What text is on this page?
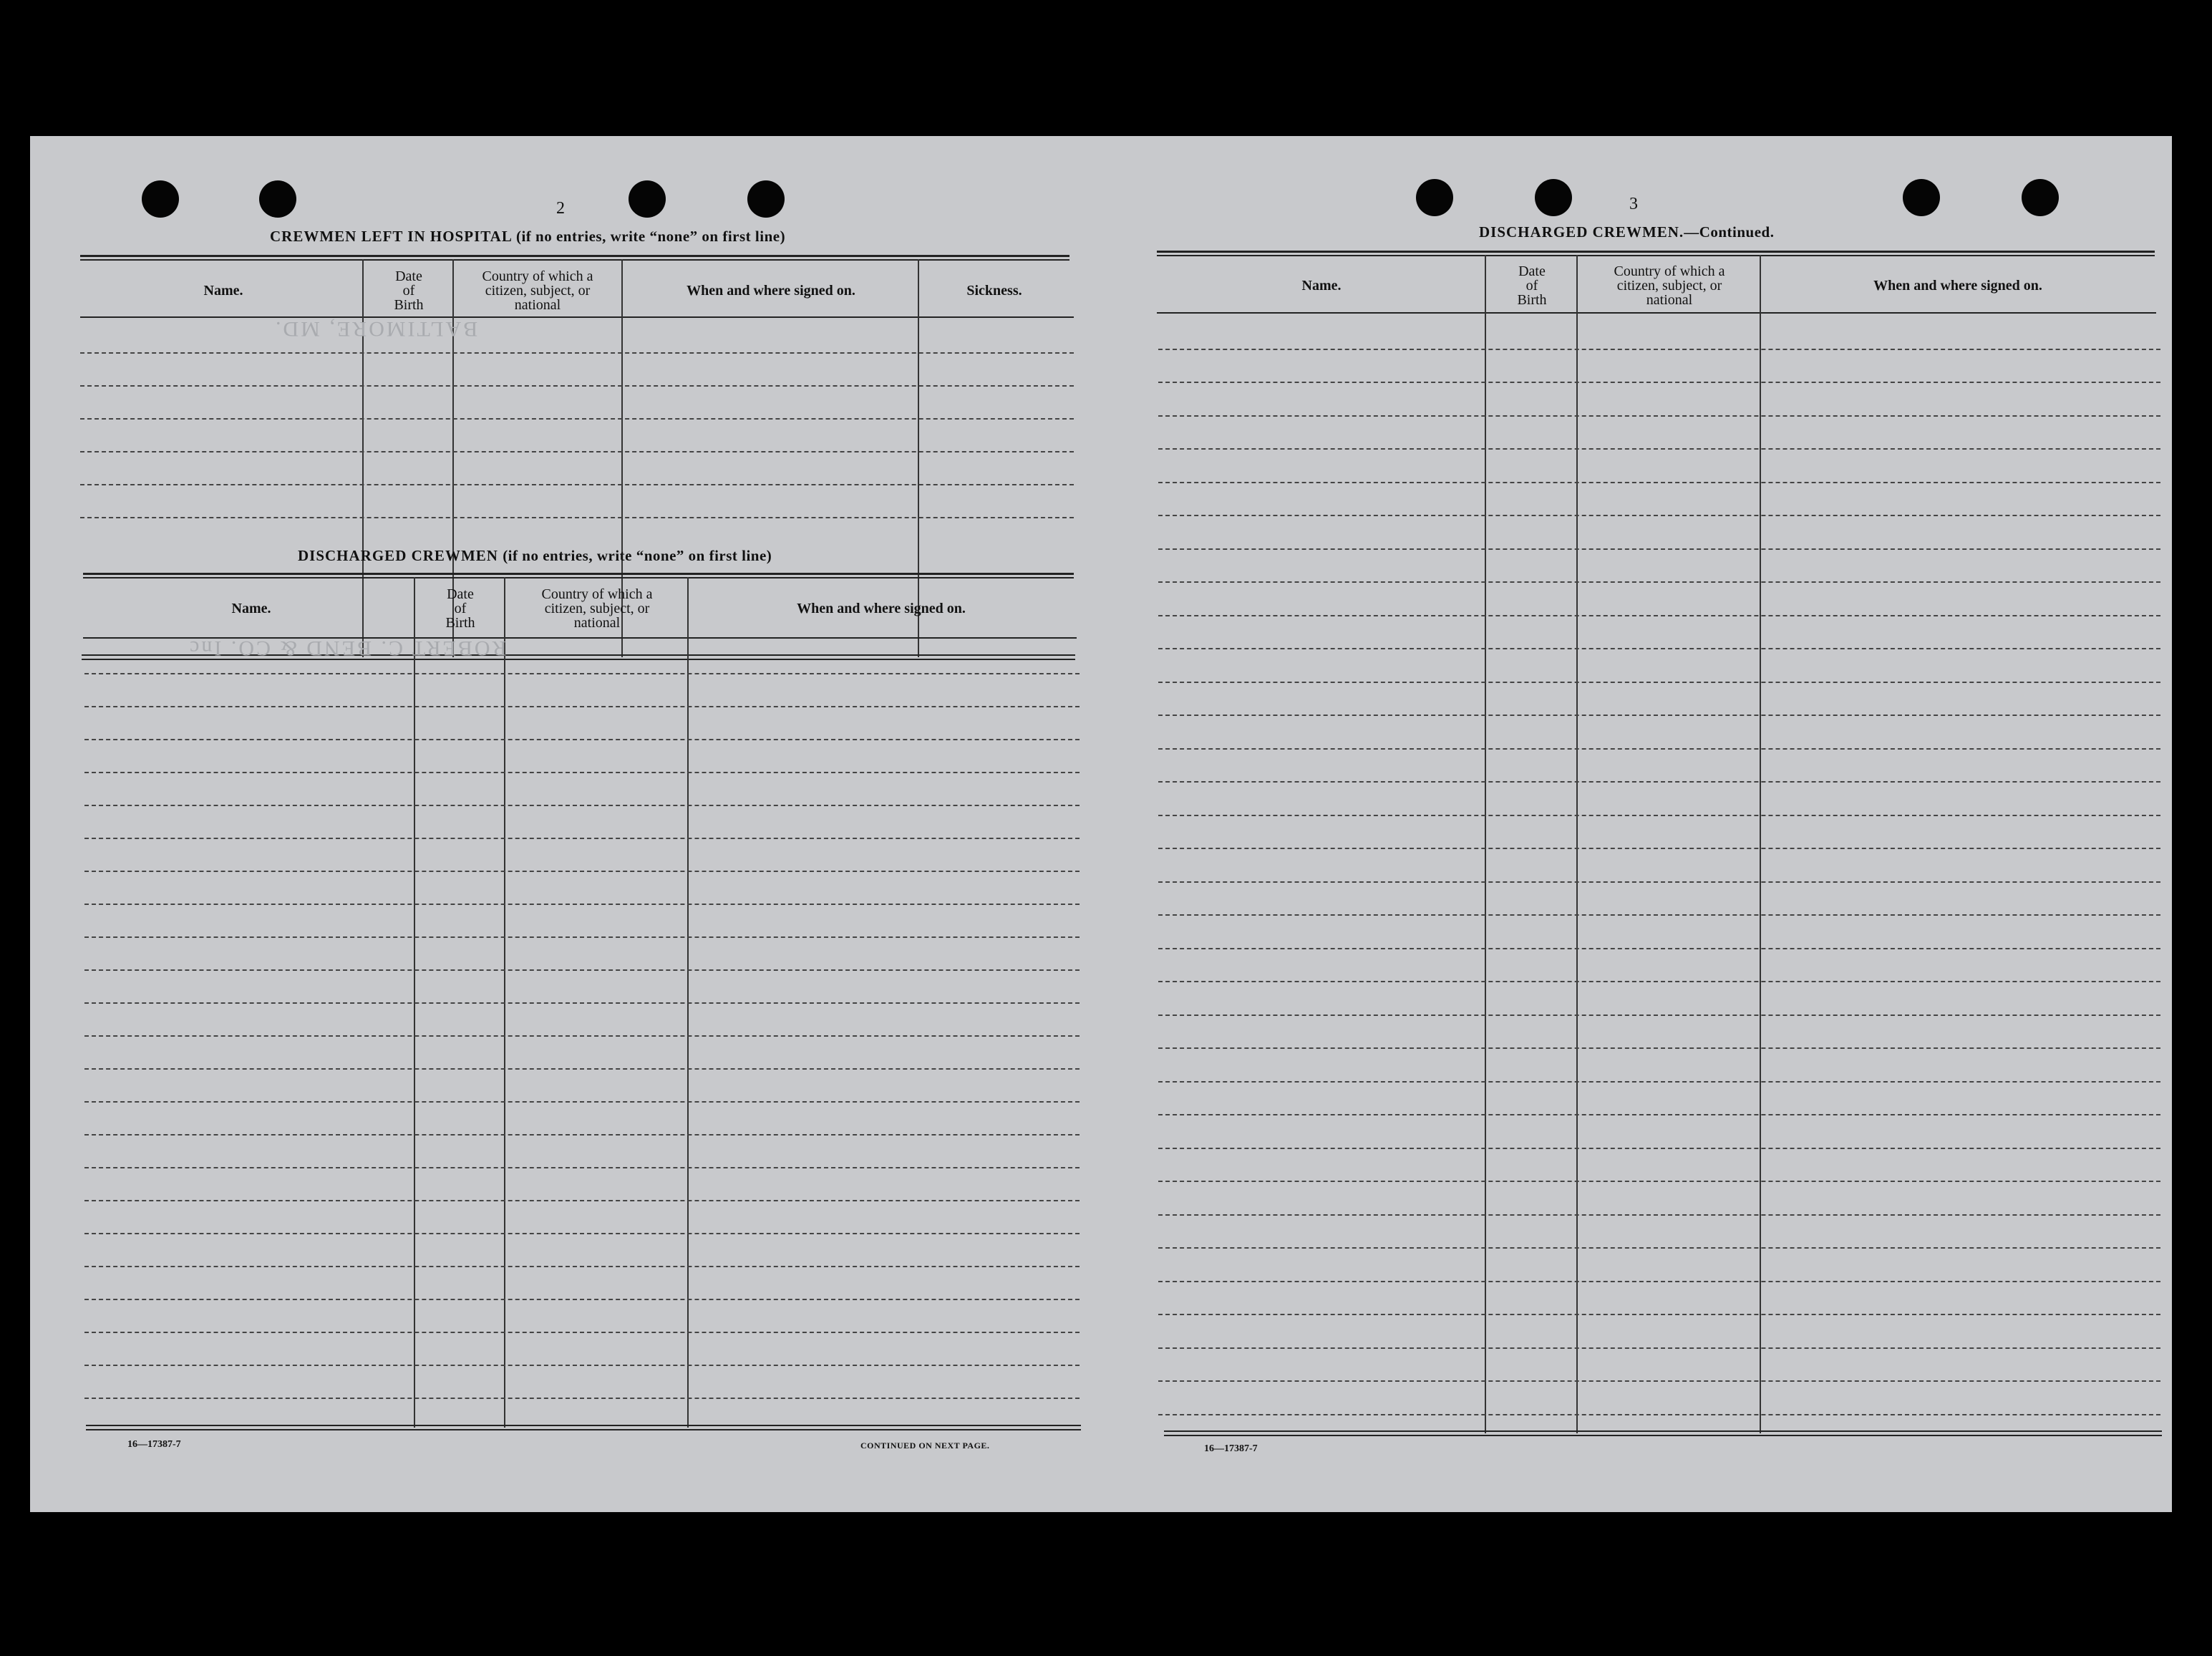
2
CREWMEN LEFT IN HOSPITAL (if no entries, write “none” on first line)
Name.
Date
of
Birth
Country of which a
citizen, subject, or
national
When and where signed on.	Sickness.
BALTIMORE, MD.
DISCHARGED CREWMEN (if no entries, write “none” on first line)
Name.
Date
of
Birth
Country of which a
citizen, subject, or
national
When and where signed on.
ROBERT C. BEND & CO. Inc
16—17387-7	CONTINUED ON NEXT PAGE.
3
DISCHARGED CREWMEN.—Continued.
Name.
Date
of
Birth
Country of which a
citizen, subject, or
national
When and where signed on.
16—17387-7
